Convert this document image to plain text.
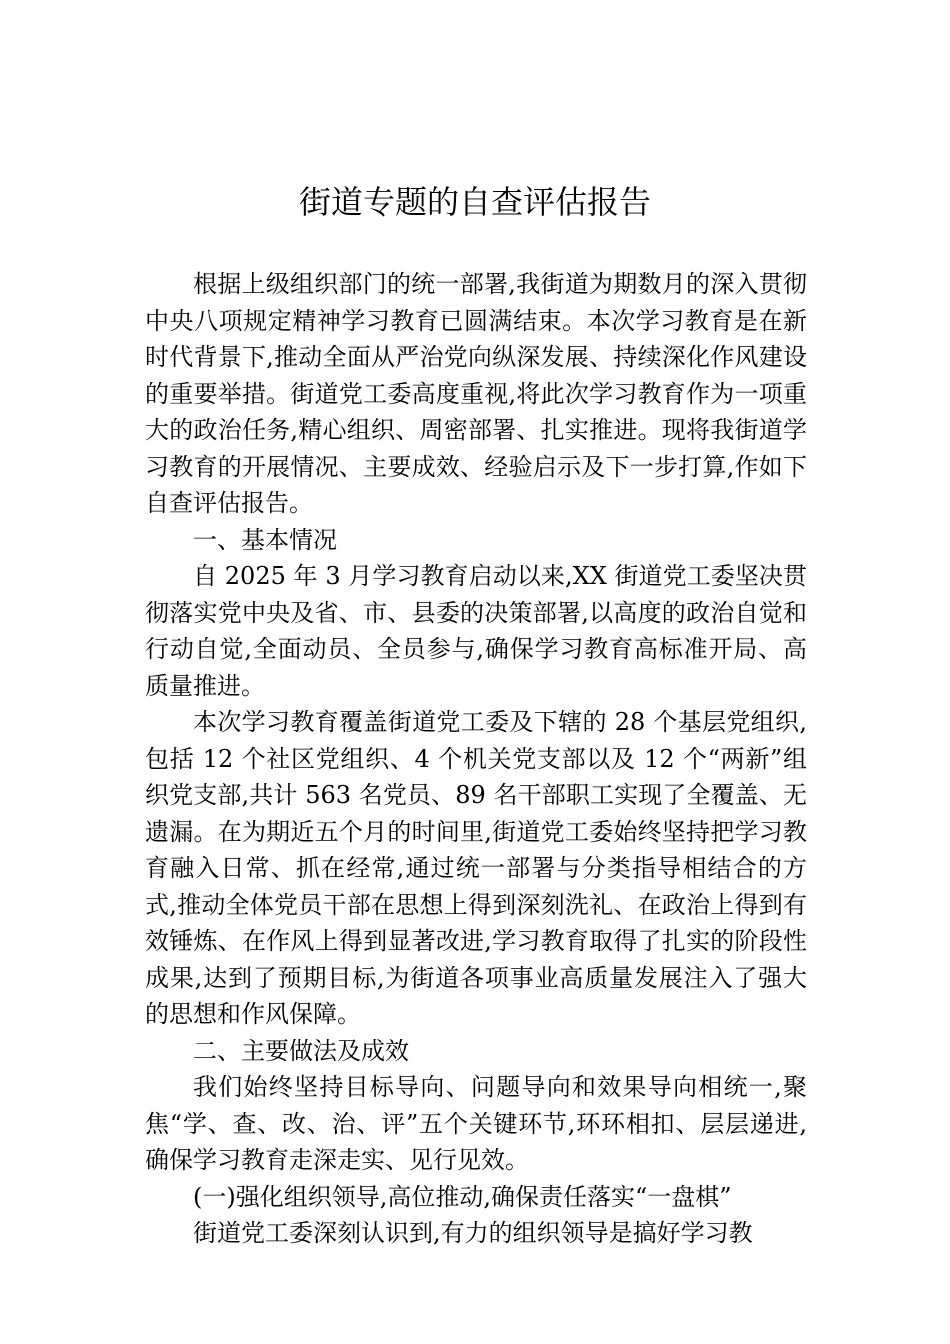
街道专题的自查评估报告

根据上级组织部门的统一部署,我街道为期数月的深入贯彻中央八项规定精神学习教育已圆满结束。本次学习教育是在新时代背景下,推动全面从严治党向纵深发展、持续深化作风建设的重要举措。街道党工委高度重视,将此次学习教育作为一项重大的政治任务,精心组织、周密部署、扎实推进。现将我街道学习教育的开展情况、主要成效、经验启示及下一步打算,作如下自查评估报告。

一、基本情况

自 2025 年 3 月学习教育启动以来,XX 街道党工委坚决贯彻落实党中央及省、市、县委的决策部署,以高度的政治自觉和行动自觉,全面动员、全员参与,确保学习教育高标准开局、高质量推进。

本次学习教育覆盖街道党工委及下辖的 28 个基层党组织,包括 12 个社区党组织、4 个机关党支部以及 12 个“两新”组织党支部,共计 563 名党员、89 名干部职工实现了全覆盖、无遗漏。在为期近五个月的时间里,街道党工委始终坚持把学习教育融入日常、抓在经常,通过统一部署与分类指导相结合的方式,推动全体党员干部在思想上得到深刻洗礼、在政治上得到有效锤炼、在作风上得到显著改进,学习教育取得了扎实的阶段性成果,达到了预期目标,为街道各项事业高质量发展注入了强大的思想和作风保障。

二、主要做法及成效

我们始终坚持目标导向、问题导向和效果导向相统一,聚焦“学、查、改、治、评”五个关键环节,环环相扣、层层递进,确保学习教育走深走实、见行见效。

(一)强化组织领导,高位推动,确保责任落实“一盘棋”

街道党工委深刻认识到,有力的组织领导是搞好学习教
